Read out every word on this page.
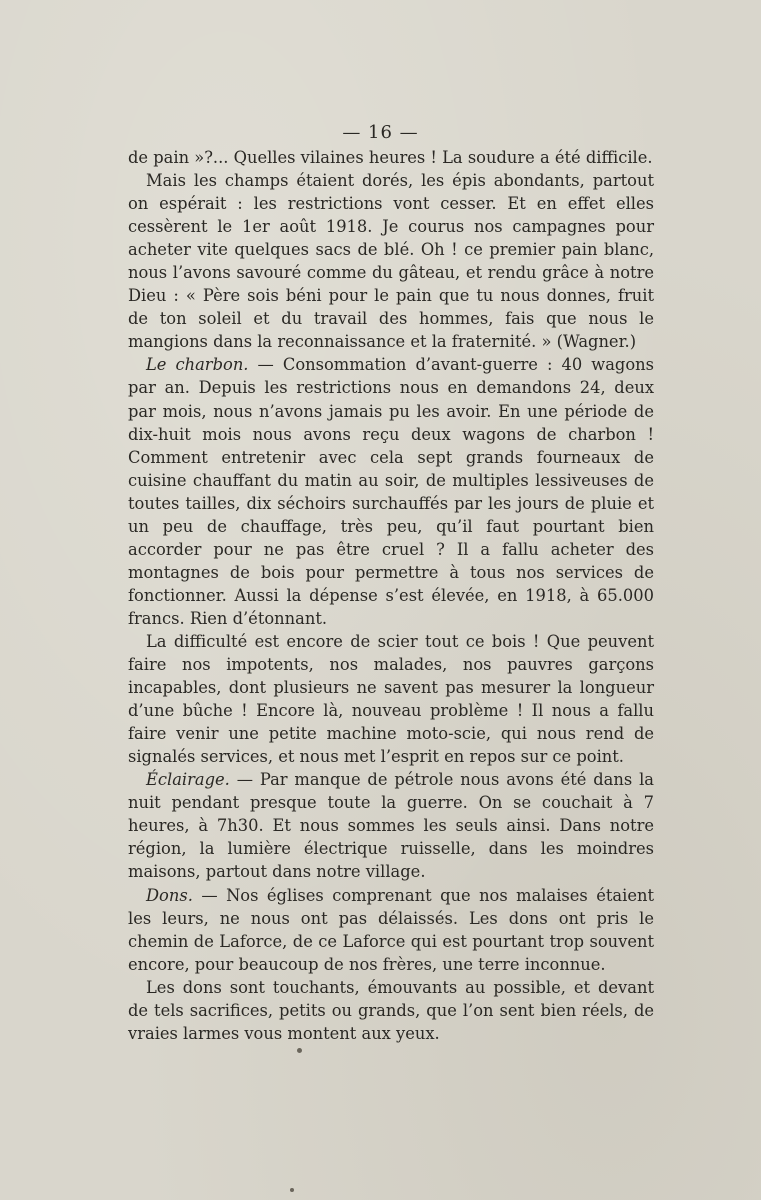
— 16 —

de pain »?... Quelles vilaines heures ! La soudure a été difficile.

Mais les champs étaient dorés, les épis abondants, partout on espérait : les restrictions vont cesser. Et en effet elles cessèrent le 1er août 1918. Je courus nos campagnes pour acheter vite quelques sacs de blé. Oh ! ce premier pain blanc, nous l’avons savouré comme du gâteau, et rendu grâce à notre Dieu : « Père sois béni pour le pain que tu nous donnes, fruit de ton soleil et du travail des hommes, fais que nous le mangions dans la reconnaissance et la fraternité. » (Wagner.)

Le charbon. — Consommation d’avant-guerre : 40 wagons par an. Depuis les restrictions nous en demandons 24, deux par mois, nous n’avons jamais pu les avoir. En une période de dix-huit mois nous avons reçu deux wagons de charbon ! Comment entretenir avec cela sept grands fourneaux de cuisine chauffant du matin au soir, de multiples lessiveuses de toutes tailles, dix séchoirs surchauffés par les jours de pluie et un peu de chauffage, très peu, qu’il faut pourtant bien accorder pour ne pas être cruel ? Il a fallu acheter des montagnes de bois pour permettre à tous nos services de fonctionner. Aussi la dépense s’est élevée, en 1918, à 65.000 francs. Rien d’étonnant.

La difficulté est encore de scier tout ce bois ! Que peuvent faire nos impotents, nos malades, nos pauvres garçons incapables, dont plusieurs ne savent pas mesurer la longueur d’une bûche ! Encore là, nouveau problème ! Il nous a fallu faire venir une petite machine moto-scie, qui nous rend de signalés services, et nous met l’esprit en repos sur ce point.

Éclairage. — Par manque de pétrole nous avons été dans la nuit pendant presque toute la guerre. On se couchait à 7 heures, à 7h30. Et nous sommes les seuls ainsi. Dans notre région, la lumière électrique ruisselle, dans les moindres maisons, partout dans notre village.

Dons. — Nos églises comprenant que nos malaises étaient les leurs, ne nous ont pas délaissés. Les dons ont pris le chemin de Laforce, de ce Laforce qui est pourtant trop souvent encore, pour beaucoup de nos frères, une terre inconnue.

Les dons sont touchants, émouvants au possible, et devant de tels sacrifices, petits ou grands, que l’on sent bien réels, de vraies larmes vous montent aux yeux.
